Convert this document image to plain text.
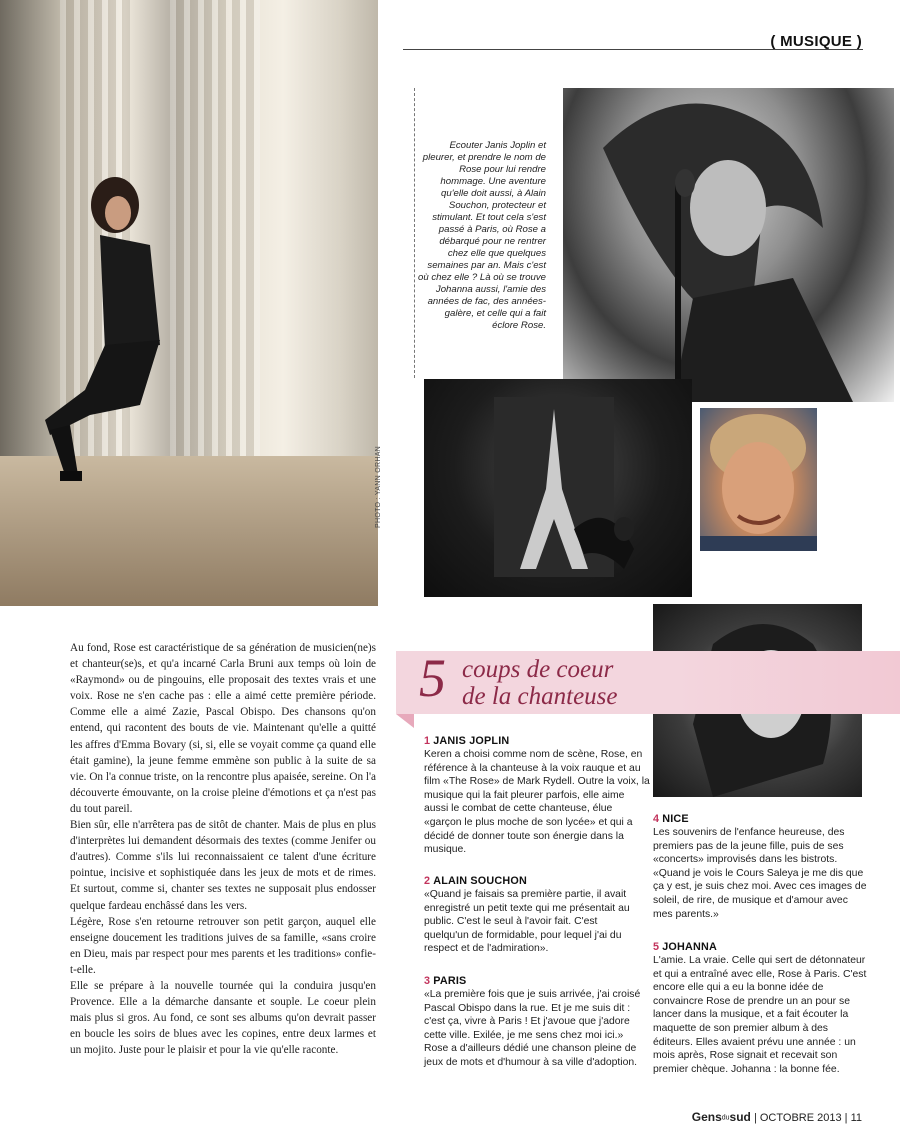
( MUSIQUE )
PHOTO : YANN ORHAN
Ecouter Janis Joplin et pleurer, et prendre le nom de Rose pour lui rendre hommage. Une aventure qu'elle doit aussi, à Alain Souchon, protecteur et stimulant. Et tout cela s'est passé à Paris, où Rose a débarqué pour ne rentrer chez elle que quelques semaines par an. Mais c'est où chez elle ? Là où se trouve Johanna aussi, l'amie des années de fac, des années-galère, et celle qui a fait éclore Rose.

Au fond, Rose est caractéristique de sa génération de musicien(ne)s et chanteur(se)s, et qu'a incarné Carla Bruni aux temps où loin de «Raymond» ou de pingouins, elle proposait des textes vrais et une voix. Rose ne s'en cache pas : elle a aimé cette première période. Comme elle a aimé Zazie, Pascal Obispo. Des chansons qu'on entend, qui racontent des bouts de vie. Maintenant qu'elle a quitté les affres d'Emma Bovary (si, si, elle se voyait comme ça quand elle était gamine), la jeune femme emmène son public à la suite de sa vie. On l'a connue triste, on la rencontre plus apaisée, sereine. On l'a découverte émouvante, on la croise pleine d'émotions et ça n'est pas du tout pareil.

Bien sûr, elle n'arrêtera pas de sitôt de chanter. Mais de plus en plus d'interprètes lui demandent désormais des textes (comme Jenifer ou d'autres). Comme s'ils lui reconnaissaient ce talent d'une écriture pointue, incisive et sophistiquée dans les jeux de mots et de rimes. Et surtout, comme si, chanter ses textes ne supposait plus endosser quelque fardeau enchâssé dans les vers.

Légère, Rose s'en retourne retrouver son petit garçon, auquel elle enseigne doucement les traditions juives de sa famille, «sans croire en Dieu, mais par respect pour mes parents et les traditions» confie-t-elle.

Elle se prépare à la nouvelle tournée qui la conduira jusqu'en Provence. Elle a la démarche dansante et souple. Le coeur plein mais plus si gros. Au fond, ce sont ses albums qu'on devrait passer en boucle les soirs de blues avec les copines, entre deux larmes et un mojito. Juste pour le plaisir et pour la vie qu'elle raconte.

5 coups de coeur
de la chanteuse
1 JANIS JOPLIN

Keren a choisi comme nom de scène, Rose, en référence à la chanteuse à la voix rauque et au film «The Rose» de Mark Rydell. Outre la voix, la musique qui la fait pleurer parfois, elle aime aussi le combat de cette chanteuse, élue «garçon le plus moche de son lycée» et qui a décidé de donner toute son énergie dans la musique.

2 ALAIN SOUCHON

«Quand je faisais sa première partie, il avait enregistré un petit texte qui me présentait au public. C'est le seul à l'avoir fait. C'est quelqu'un de formidable, pour lequel j'ai du respect et de l'admiration».

3 PARIS

«La première fois que je suis arrivée, j'ai croisé Pascal Obispo dans la rue. Et je me suis dit : c'est ça, vivre à Paris ! Et j'avoue que j'adore cette ville. Exilée, je me sens chez moi ici.» Rose a d'ailleurs dédié une chanson pleine de jeux de mots et d'humour à sa ville d'adoption.

4 NICE

Les souvenirs de l'enfance heureuse, des premiers pas de la jeune fille, puis de ses «concerts» improvisés dans les bistrots. «Quand je vois le Cours Saleya je me dis que ça y est, je suis chez moi. Avec ces images de soleil, de rire, de musique et d'amour avec mes parents.»

5 JOHANNA

L'amie. La vraie. Celle qui sert de détonnateur et qui a entraîné avec elle, Rose à Paris. C'est encore elle qui a eu la bonne idée de convaincre Rose de prendre un an pour se lancer dans la musique, et a fait écouter la maquette de son premier album à des éditeurs. Elles avaient prévu une année : un mois après, Rose signait et recevait son premier chèque. Johanna : la bonne fée.

Gensdusud | OCTOBRE 2013 | 11
